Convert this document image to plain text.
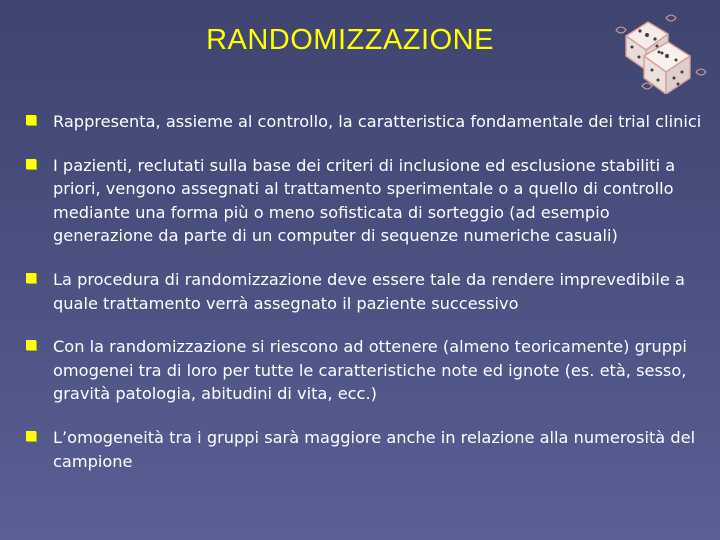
RANDOMIZZAZIONE
Rappresenta, assieme al controllo, la caratteristica fondamentale dei trial clinici
I pazienti, reclutati sulla base dei criteri di inclusione ed esclusione stabiliti a priori, vengono assegnati al trattamento sperimentale o a quello di controllo mediante una forma più o meno sofisticata di sorteggio (ad esempio generazione da parte di un computer di sequenze numeriche casuali)
La procedura di randomizzazione deve essere tale da rendere imprevedibile a quale trattamento verrà assegnato il paziente successivo
Con la randomizzazione si riescono ad ottenere (almeno teoricamente) gruppi omogenei tra di loro per tutte le caratteristiche note ed ignote (es. età, sesso, gravità patologia, abitudini di vita, ecc.)
L’omogeneità tra i gruppi sarà maggiore anche in relazione alla numerosità del campione
